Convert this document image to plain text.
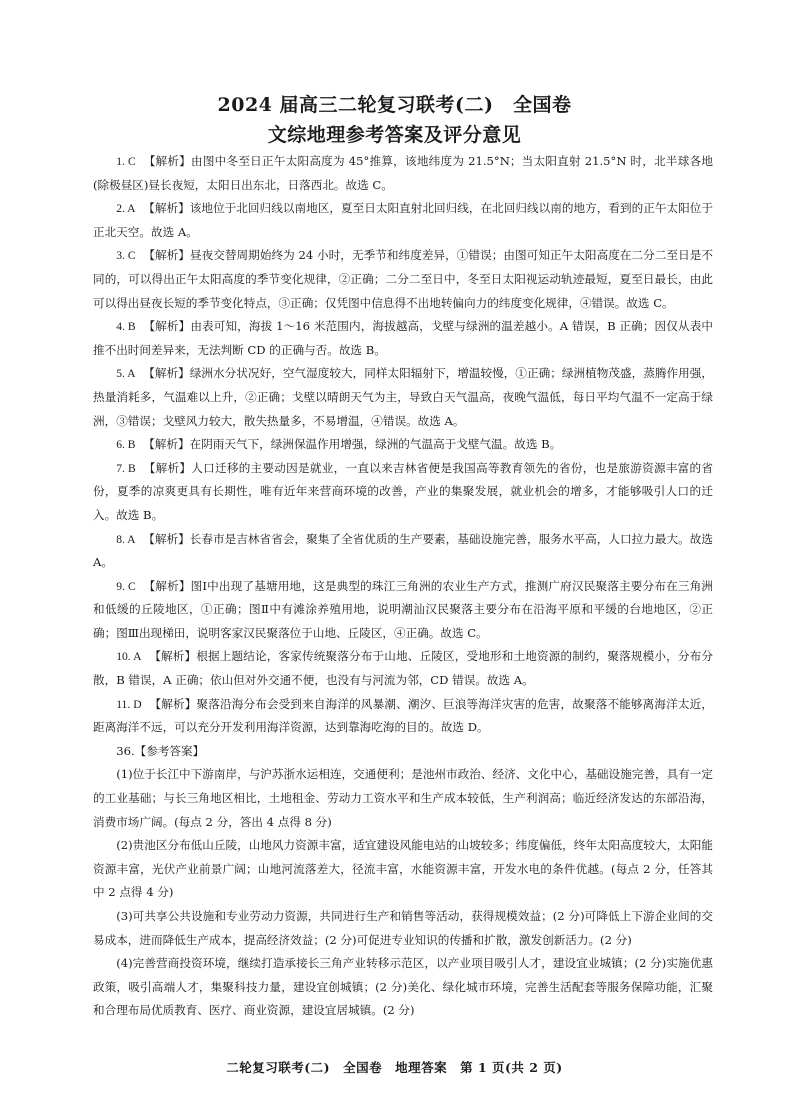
2024 届高三二轮复习联考(二)　全国卷
文综地理参考答案及评分意见

1. C 【解析】由图中冬至日正午太阳高度为 45°推算，该地纬度为 21.5°N；当太阳直射 21.5°N 时，北半球各地(除极昼区)昼长夜短，太阳日出东北，日落西北。故选 C。

2. A 【解析】该地位于北回归线以南地区，夏至日太阳直射北回归线，在北回归线以南的地方，看到的正午太阳位于正北天空。故选 A。

3. C 【解析】昼夜交替周期始终为 24 小时，无季节和纬度差异，①错误；由图可知正午太阳高度在二分二至日是不同的，可以得出正午太阳高度的季节变化规律，②正确；二分二至日中，冬至日太阳视运动轨迹最短，夏至日最长，由此可以得出昼夜长短的季节变化特点，③正确；仅凭图中信息得不出地转偏向力的纬度变化规律，④错误。故选 C。

4. B 【解析】由表可知，海拔 1～16 米范围内，海拔越高，戈壁与绿洲的温差越小。A 错误，B 正确；因仅从表中推不出时间差异来，无法判断 CD 的正确与否。故选 B。

5. A 【解析】绿洲水分状况好，空气湿度较大，同样太阳辐射下，增温较慢，①正确；绿洲植物茂盛，蒸腾作用强，热量消耗多，气温难以上升，②正确；戈壁以晴朗天气为主，导致白天气温高，夜晚气温低，每日平均气温不一定高于绿洲，③错误；戈壁风力较大，散失热量多，不易增温，④错误。故选 A。

6. B 【解析】在阴雨天气下，绿洲保温作用增强，绿洲的气温高于戈壁气温。故选 B。

7. B 【解析】人口迁移的主要动因是就业，一直以来吉林省便是我国高等教育领先的省份，也是旅游资源丰富的省份，夏季的凉爽更具有长期性，唯有近年来营商环境的改善，产业的集聚发展，就业机会的增多，才能够吸引人口的迁入。故选 B。

8. A 【解析】长春市是吉林省省会，聚集了全省优质的生产要素，基础设施完善，服务水平高，人口拉力最大。故选 A。

9. C 【解析】图Ⅰ中出现了基塘用地，这是典型的珠江三角洲的农业生产方式，推测广府汉民聚落主要分布在三角洲和低缓的丘陵地区，①正确；图Ⅱ中有滩涂养殖用地，说明潮汕汉民聚落主要分布在沿海平原和平缓的台地地区，②正确；图Ⅲ出现梯田，说明客家汉民聚落位于山地、丘陵区，④正确。故选 C。

10. A 【解析】根据上题结论，客家传统聚落分布于山地、丘陵区，受地形和土地资源的制约，聚落规模小，分布分散，B 错误，A 正确；依山但对外交通不便，也没有与河流为邻，CD 错误。故选 A。

11. D 【解析】聚落沿海分布会受到来自海洋的风暴潮、潮汐、巨浪等海洋灾害的危害，故聚落不能够离海洋太近，距离海洋不远，可以充分开发利用海洋资源，达到靠海吃海的目的。故选 D。

36.【参考答案】

(1)位于长江中下游南岸，与沪苏浙水运相连，交通便利；是池州市政治、经济、文化中心，基础设施完善，具有一定的工业基础；与长三角地区相比，土地租金、劳动力工资水平和生产成本较低，生产利润高；临近经济发达的东部沿海，消费市场广阔。(每点 2 分，答出 4 点得 8 分)

(2)贵池区分布低山丘陵，山地风力资源丰富，适宜建设风能电站的山坡较多；纬度偏低，终年太阳高度较大，太阳能资源丰富，光伏产业前景广阔；山地河流落差大，径流丰富，水能资源丰富，开发水电的条件优越。(每点 2 分，任答其中 2 点得 4 分)

(3)可共享公共设施和专业劳动力资源，共同进行生产和销售等活动，获得规模效益；(2 分)可降低上下游企业间的交易成本，进而降低生产成本，提高经济效益；(2 分)可促进专业知识的传播和扩散，激发创新活力。(2 分)

(4)完善营商投资环境，继续打造承接长三角产业转移示范区，以产业项目吸引人才，建设宜业城镇；(2 分)实施优惠政策，吸引高端人才，集聚科技力量，建设宜创城镇；(2 分)美化、绿化城市环境，完善生活配套等服务保障功能，汇聚和合理布局优质教育、医疗、商业资源，建设宜居城镇。(2 分)

二轮复习联考(二)　全国卷　地理答案　第 1 页(共 2 页)
